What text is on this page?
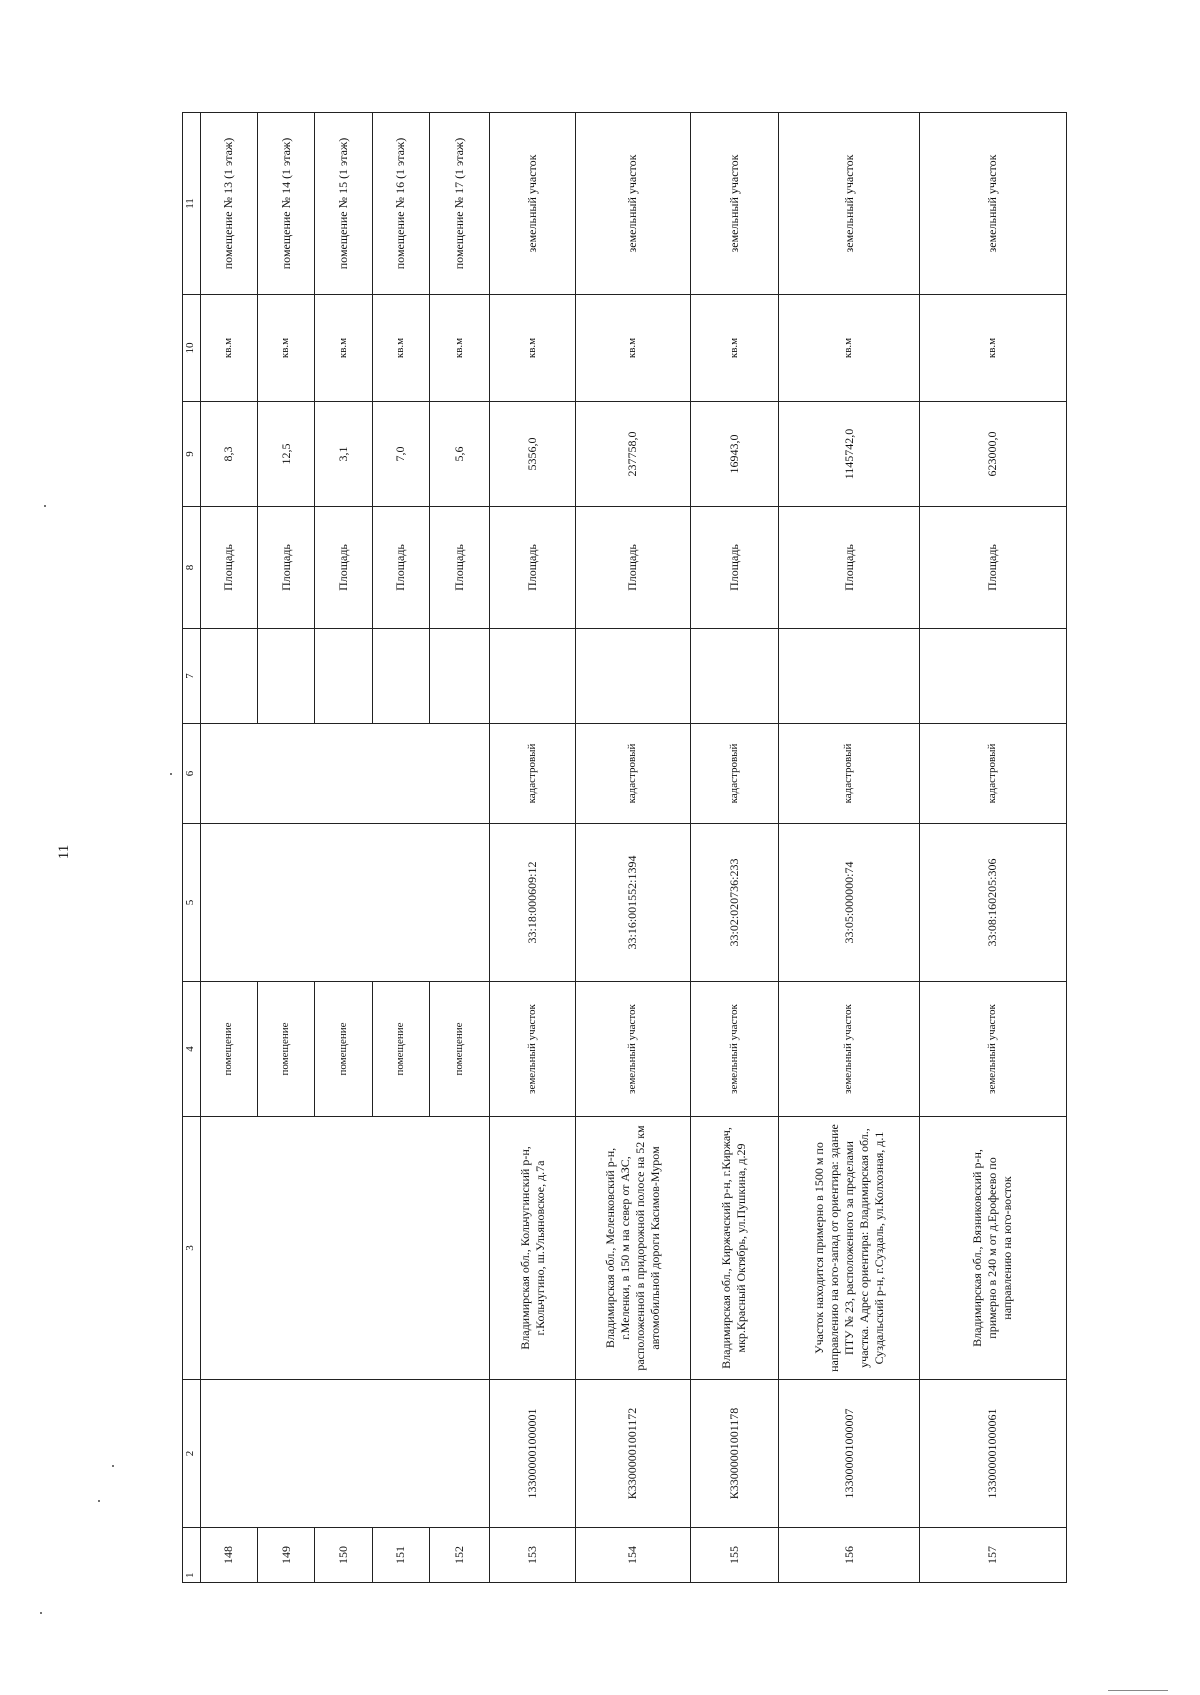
11
1	2	3	4	5	6	7	8	9	10	11
148			помещение				Площадь	8,3	кв.м	помещение № 13 (1 этаж)
149			помещение				Площадь	12,5	кв.м	помещение № 14 (1 этаж)
150			помещение				Площадь	3,1	кв.м	помещение № 15 (1 этаж)
151			помещение				Площадь	7,0	кв.м	помещение № 16 (1 этаж)
152			помещение				Площадь	5,6	кв.м	помещение № 17 (1 этаж)
153	133000001000001	Владимирская обл., Кольчугинский р-н, г.Кольчугино, ш.Ульяновское, д.7а	земельный участок	33:18:000609:12	кадастровый		Площадь	5356,0	кв.м	земельный участок
154	К33000001001172	Владимирская обл., Меленковский р-н, г.Меленки, в 150 м на север от АЗС, расположенной в придорожной полосе на 52 км автомобильной дороги Касимов-Муром	земельный участок	33:16:001552:1394	кадастровый		Площадь	237758,0	кв.м	земельный участок
155	К33000001001178	Владимирская обл., Киржачский р-н, г.Киржач, мкр.Красный Октябрь, ул.Пушкина, д.29	земельный участок	33:02:020736:233	кадастровый		Площадь	16943,0	кв.м	земельный участок
156	133000001000007	Участок находится примерно в 1500 м по направлению на юго-запад от ориентира: здание ПТУ № 23, расположенного за пределами участка. Адрес ориентира: Владимирская обл., Суздальский р-н, г.Суздаль, ул.Колхозная, д.1	земельный участок	33:05:000000:74	кадастровый		Площадь	1145742,0	кв.м	земельный участок
157	133000001000061	Владимирская обл., Вязниковский р-н, примерно в 240 м от д.Ерофеево по направлению на юго-восток	земельный участок	33:08:160205:306	кадастровый		Площадь	623000,0	кв.м	земельный участок
